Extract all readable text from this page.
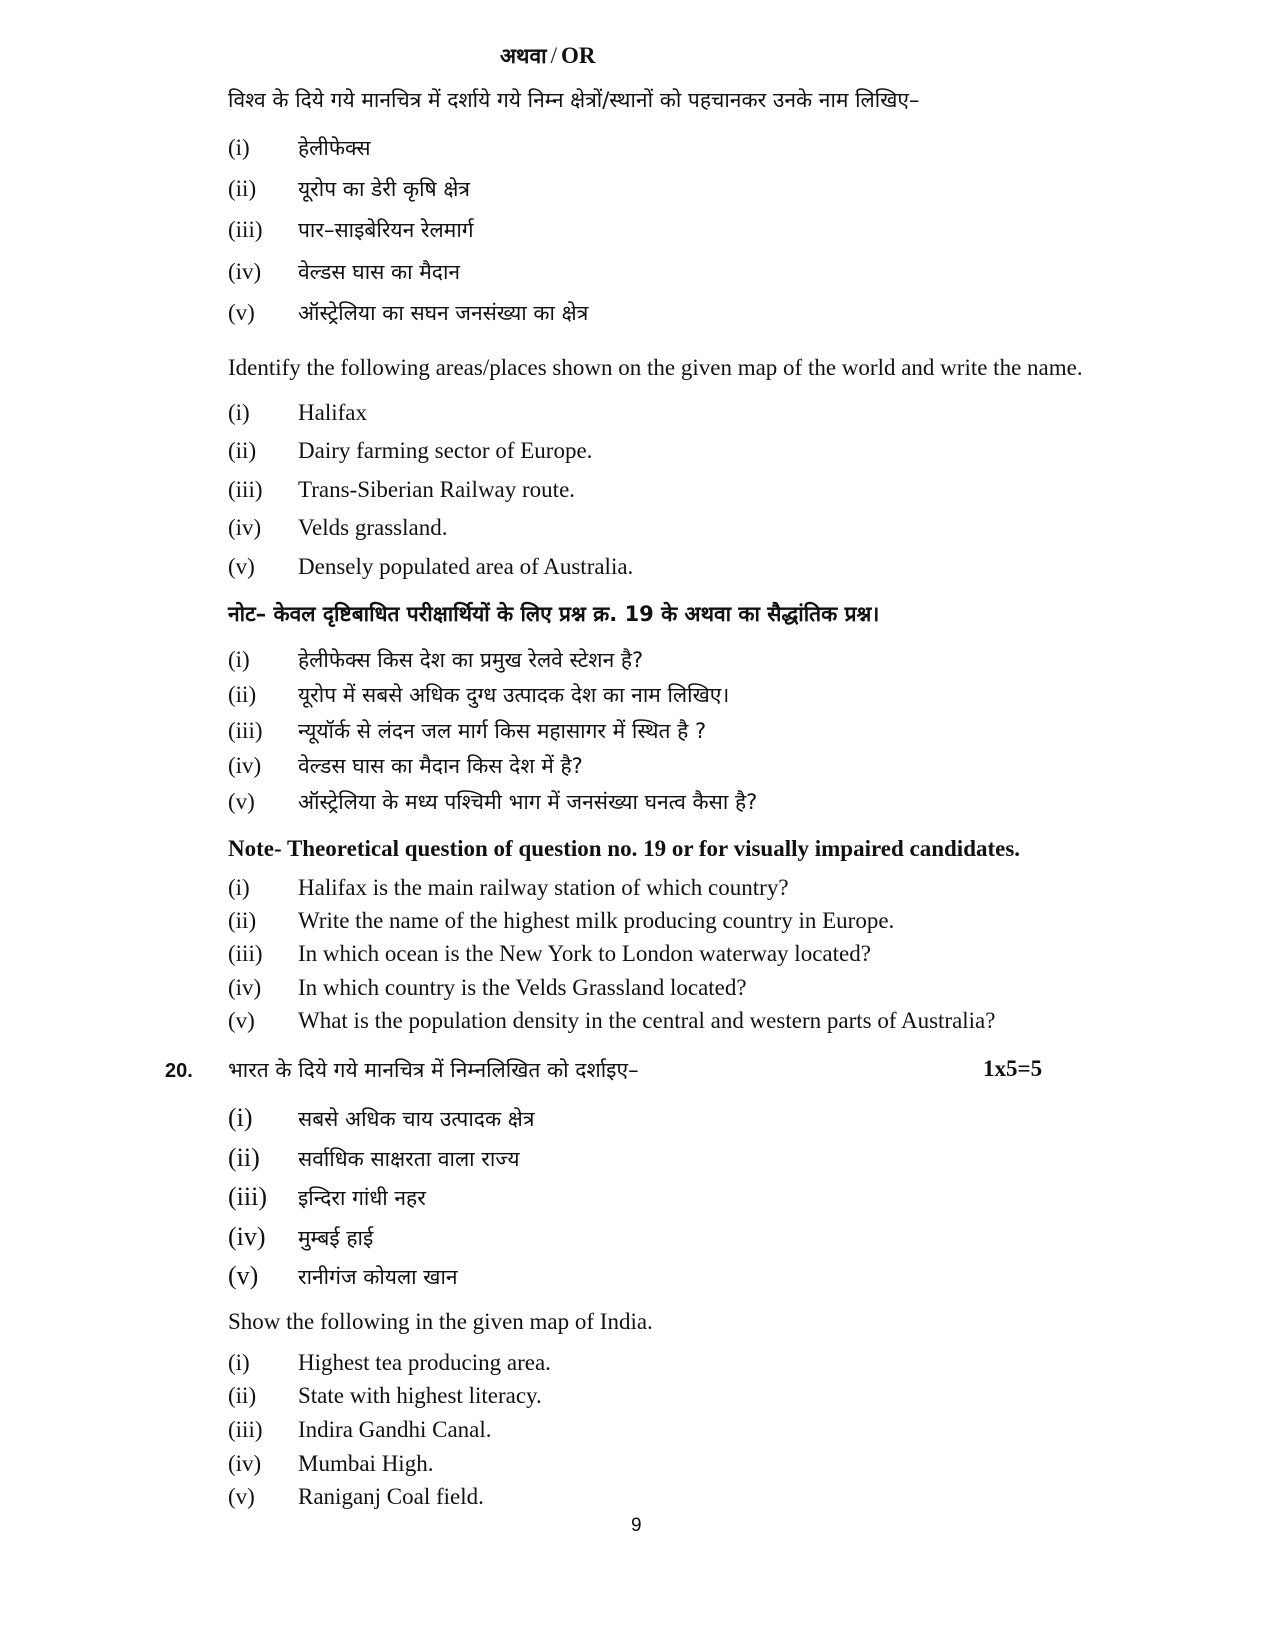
अथवा / OR
विश्व के दिये गये मानचित्र में दर्शाये गये निम्न क्षेत्रों/स्थानों को पहचानकर उनके नाम लिखिए–
(i) हेलीफेक्स
(ii) यूरोप का डेरी कृषि क्षेत्र
(iii) पार–साइबेरियन रेलमार्ग
(iv) वेल्डस घास का मैदान
(v) ऑस्ट्रेलिया का सघन जनसंख्या का क्षेत्र
Identify the following areas/places shown on the given map of the world and write the name.
(i) Halifax
(ii) Dairy farming sector of Europe.
(iii) Trans-Siberian Railway route.
(iv) Velds grassland.
(v) Densely populated area of Australia.
नोट– केवल दृष्टिबाधित परीक्षार्थियों के लिए प्रश्न क्र. 19 के अथवा का सैद्धांतिक प्रश्न।
(i) हेलीफेक्स किस देश का प्रमुख रेलवे स्टेशन है?
(ii) यूरोप में सबसे अधिक दुग्ध उत्पादक देश का नाम लिखिए।
(iii) न्यूयॉर्क से लंदन जल मार्ग किस महासागर में स्थित है ?
(iv) वेल्डस घास का मैदान किस देश में है?
(v) ऑस्ट्रेलिया के मध्य पश्चिमी भाग में जनसंख्या घनत्व कैसा है?
Note- Theoretical question of question no. 19 or for visually impaired candidates.
(i) Halifax is the main railway station of which country?
(ii) Write the name of the highest milk producing country in Europe.
(iii) In which ocean is the New York to London waterway located?
(iv) In which country is the Velds Grassland located?
(v) What is the population density in the central and western parts of Australia?
20. भारत के दिये गये मानचित्र में निम्नलिखित को दर्शाइए–	1x5=5
(i) सबसे अधिक चाय उत्पादक क्षेत्र
(ii) सर्वाधिक साक्षरता वाला राज्य
(iii) इन्दिरा गांधी नहर
(iv) मुम्बई हाई
(v) रानीगंज कोयला खान
Show the following in the given map of India.
(i) Highest tea producing area.
(ii) State with highest literacy.
(iii) Indira Gandhi Canal.
(iv) Mumbai High.
(v) Raniganj Coal field.
9
